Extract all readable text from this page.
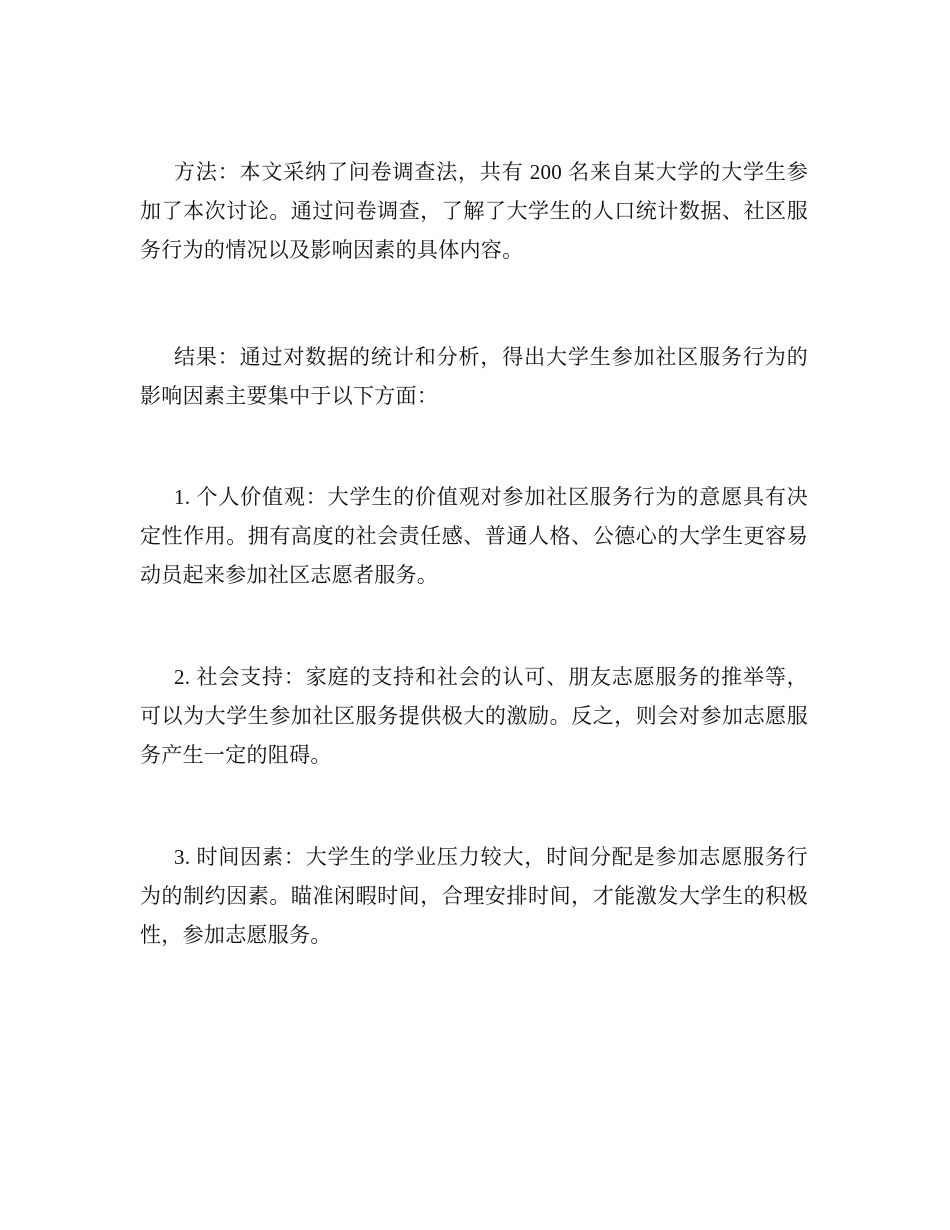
方法：本文采纳了问卷调查法，共有 200 名来自某大学的大学生参加了本次讨论。通过问卷调查，了解了大学生的人口统计数据、社区服务行为的情况以及影响因素的具体内容。

结果：通过对数据的统计和分析，得出大学生参加社区服务行为的影响因素主要集中于以下方面：

1. 个人价值观：大学生的价值观对参加社区服务行为的意愿具有决定性作用。拥有高度的社会责任感、普通人格、公德心的大学生更容易动员起来参加社区志愿者服务。

2. 社会支持：家庭的支持和社会的认可、朋友志愿服务的推举等，可以为大学生参加社区服务提供极大的激励。反之，则会对参加志愿服务产生一定的阻碍。

3. 时间因素：大学生的学业压力较大，时间分配是参加志愿服务行为的制约因素。瞄准闲暇时间，合理安排时间，才能激发大学生的积极性，参加志愿服务。
